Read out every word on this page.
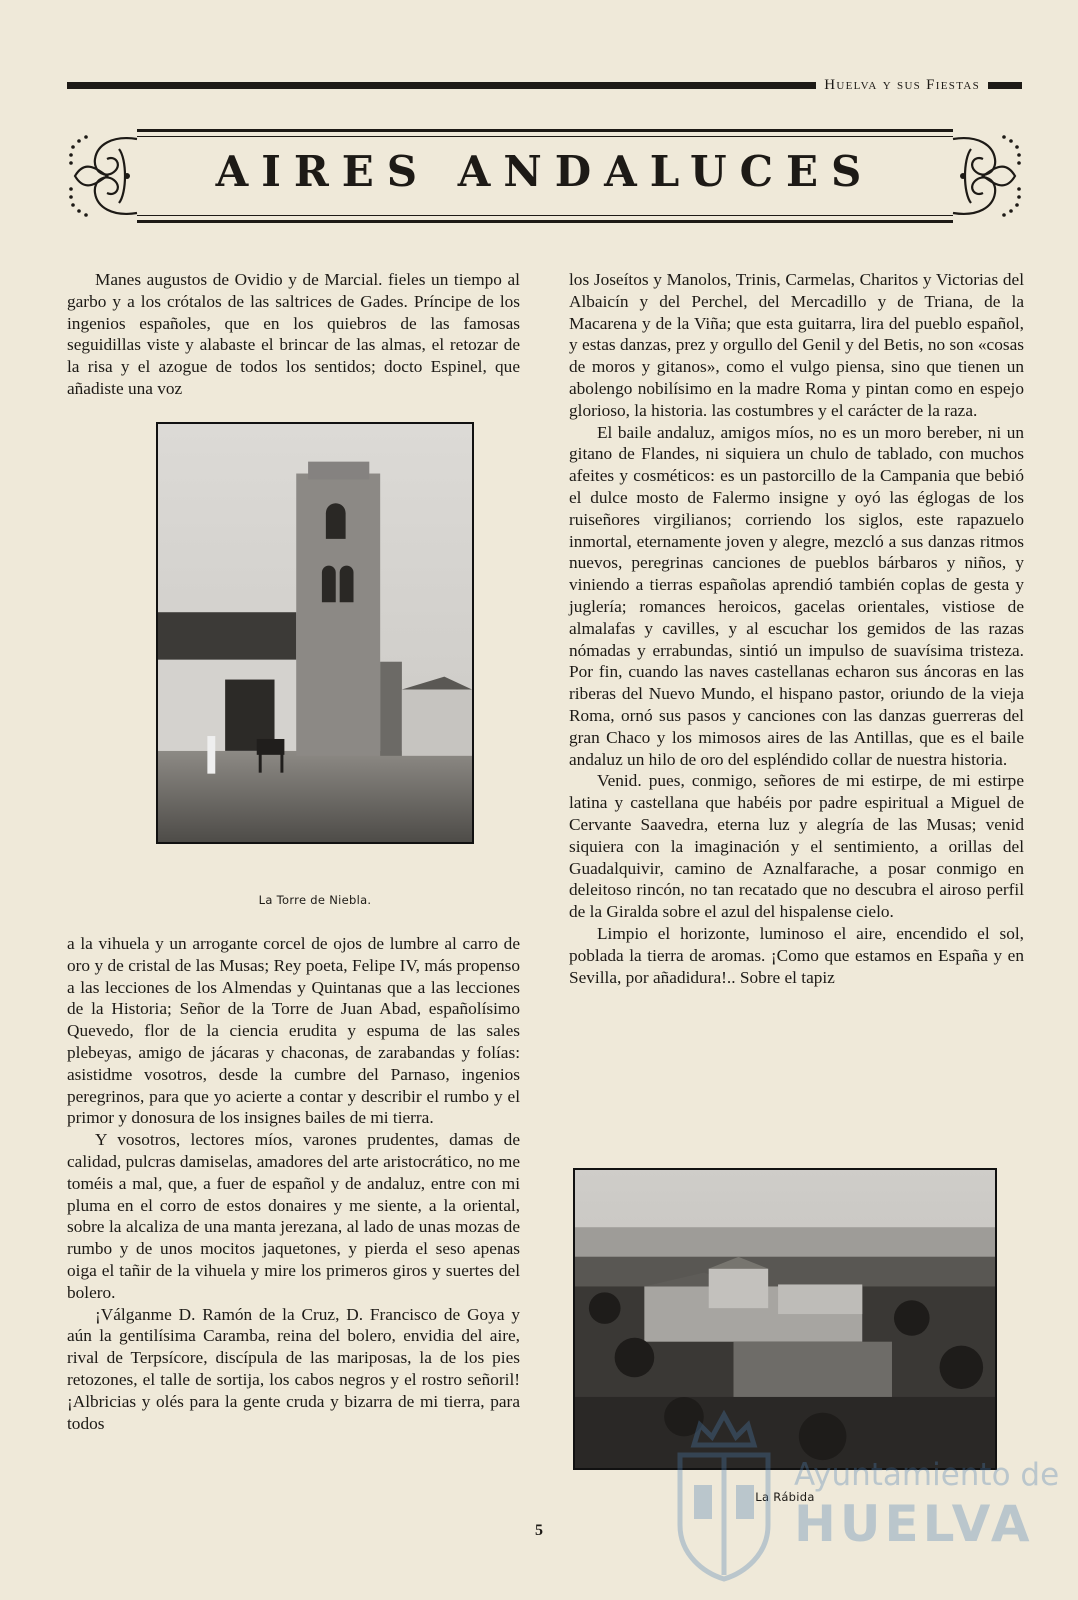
Huelva y sus Fiestas
AIRES ANDALUCES

Manes augustos de Ovidio y de Marcial. fieles un tiempo al garbo y a los crótalos de las saltrices de Gades. Príncipe de los ingenios españoles, que en los quiebros de las famosas seguidillas viste y alabaste el brincar de las almas, el retozar de la risa y el azogue de todos los sentidos; docto Espinel, que añadiste una voz

La Torre de Niebla.

a la vihuela y un arrogante corcel de ojos de lumbre al carro de oro y de cristal de las Musas; Rey poeta, Felipe IV, más propenso a las lecciones de los Almendas y Quintanas que a las lecciones de la Historia; Señor de la Torre de Juan Abad, españolísimo Quevedo, flor de la ciencia erudita y espuma de las sales plebeyas, amigo de jácaras y chaconas, de zarabandas y folías: asistidme vosotros, desde la cumbre del Parnaso, ingenios peregrinos, para que yo acierte a contar y describir el rumbo y el primor y donosura de los insignes bailes de mi tierra.

Y vosotros, lectores míos, varones prudentes, damas de calidad, pulcras damiselas, amadores del arte aristocrático, no me toméis a mal, que, a fuer de español y de andaluz, entre con mi pluma en el corro de estos donaires y me siente, a la oriental, sobre la alcaliza de una manta jerezana, al lado de unas mozas de rumbo y de unos mocitos jaquetones, y pierda el seso apenas oiga el tañir de la vihuela y mire los primeros giros y suertes del bolero.

¡Válganme D. Ramón de la Cruz, D. Francisco de Goya y aún la gentilísima Caramba, reina del bolero, envidia del aire, rival de Terpsícore, discípula de las mariposas, la de los pies retozones, el talle de sortija, los cabos negros y el rostro señoril! ¡Albricias y olés para la gente cruda y bizarra de mi tierra, para todos

los Joseítos y Manolos, Trinis, Carmelas, Charitos y Victorias del Albaicín y del Perchel, del Mercadillo y de Triana, de la Macarena y de la Viña; que esta guitarra, lira del pueblo español, y estas danzas, prez y orgullo del Genil y del Betis, no son «cosas de moros y gitanos», como el vulgo piensa, sino que tienen un abolengo nobilísimo en la madre Roma y pintan como en espejo glorioso, la historia. las costumbres y el carácter de la raza.

El baile andaluz, amigos míos, no es un moro bereber, ni un gitano de Flandes, ni siquiera un chulo de tablado, con muchos afeites y cosméticos: es un pastorcillo de la Campania que bebió el dulce mosto de Falermo insigne y oyó las églogas de los ruiseñores virgilianos; corriendo los siglos, este rapazuelo inmortal, eternamente joven y alegre, mezcló a sus danzas ritmos nuevos, peregrinas canciones de pueblos bárbaros y niños, y viniendo a tierras españolas aprendió también coplas de gesta y juglería; romances heroicos, gacelas orientales, vistiose de almalafas y cavilles, y al escuchar los gemidos de las razas nómadas y errabundas, sintió un impulso de suavísima tristeza. Por fin, cuando las naves castellanas echaron sus áncoras en las riberas del Nuevo Mundo, el hispano pastor, oriundo de la vieja Roma, ornó sus pasos y canciones con las danzas guerreras del gran Chaco y los mimosos aires de las Antillas, que es el baile andaluz un hilo de oro del espléndido collar de nuestra historia.

Venid. pues, conmigo, señores de mi estirpe, de mi estirpe latina y castellana que habéis por padre espiritual a Miguel de Cervante Saavedra, eterna luz y alegría de las Musas; venid siquiera con la imaginación y el sentimiento, a orillas del Guadalquivir, camino de Aznalfarache, a posar conmigo en deleitoso rincón, no tan recatado que no descubra el airoso perfil de la Giralda sobre el azul del hispalense cielo.

Limpio el horizonte, luminoso el aire, encendido el sol, poblada la tierra de aromas. ¡Como que estamos en España y en Sevilla, por añadidura!.. Sobre el tapiz

La Rábida
5
Ayuntamiento de
HUELVA
